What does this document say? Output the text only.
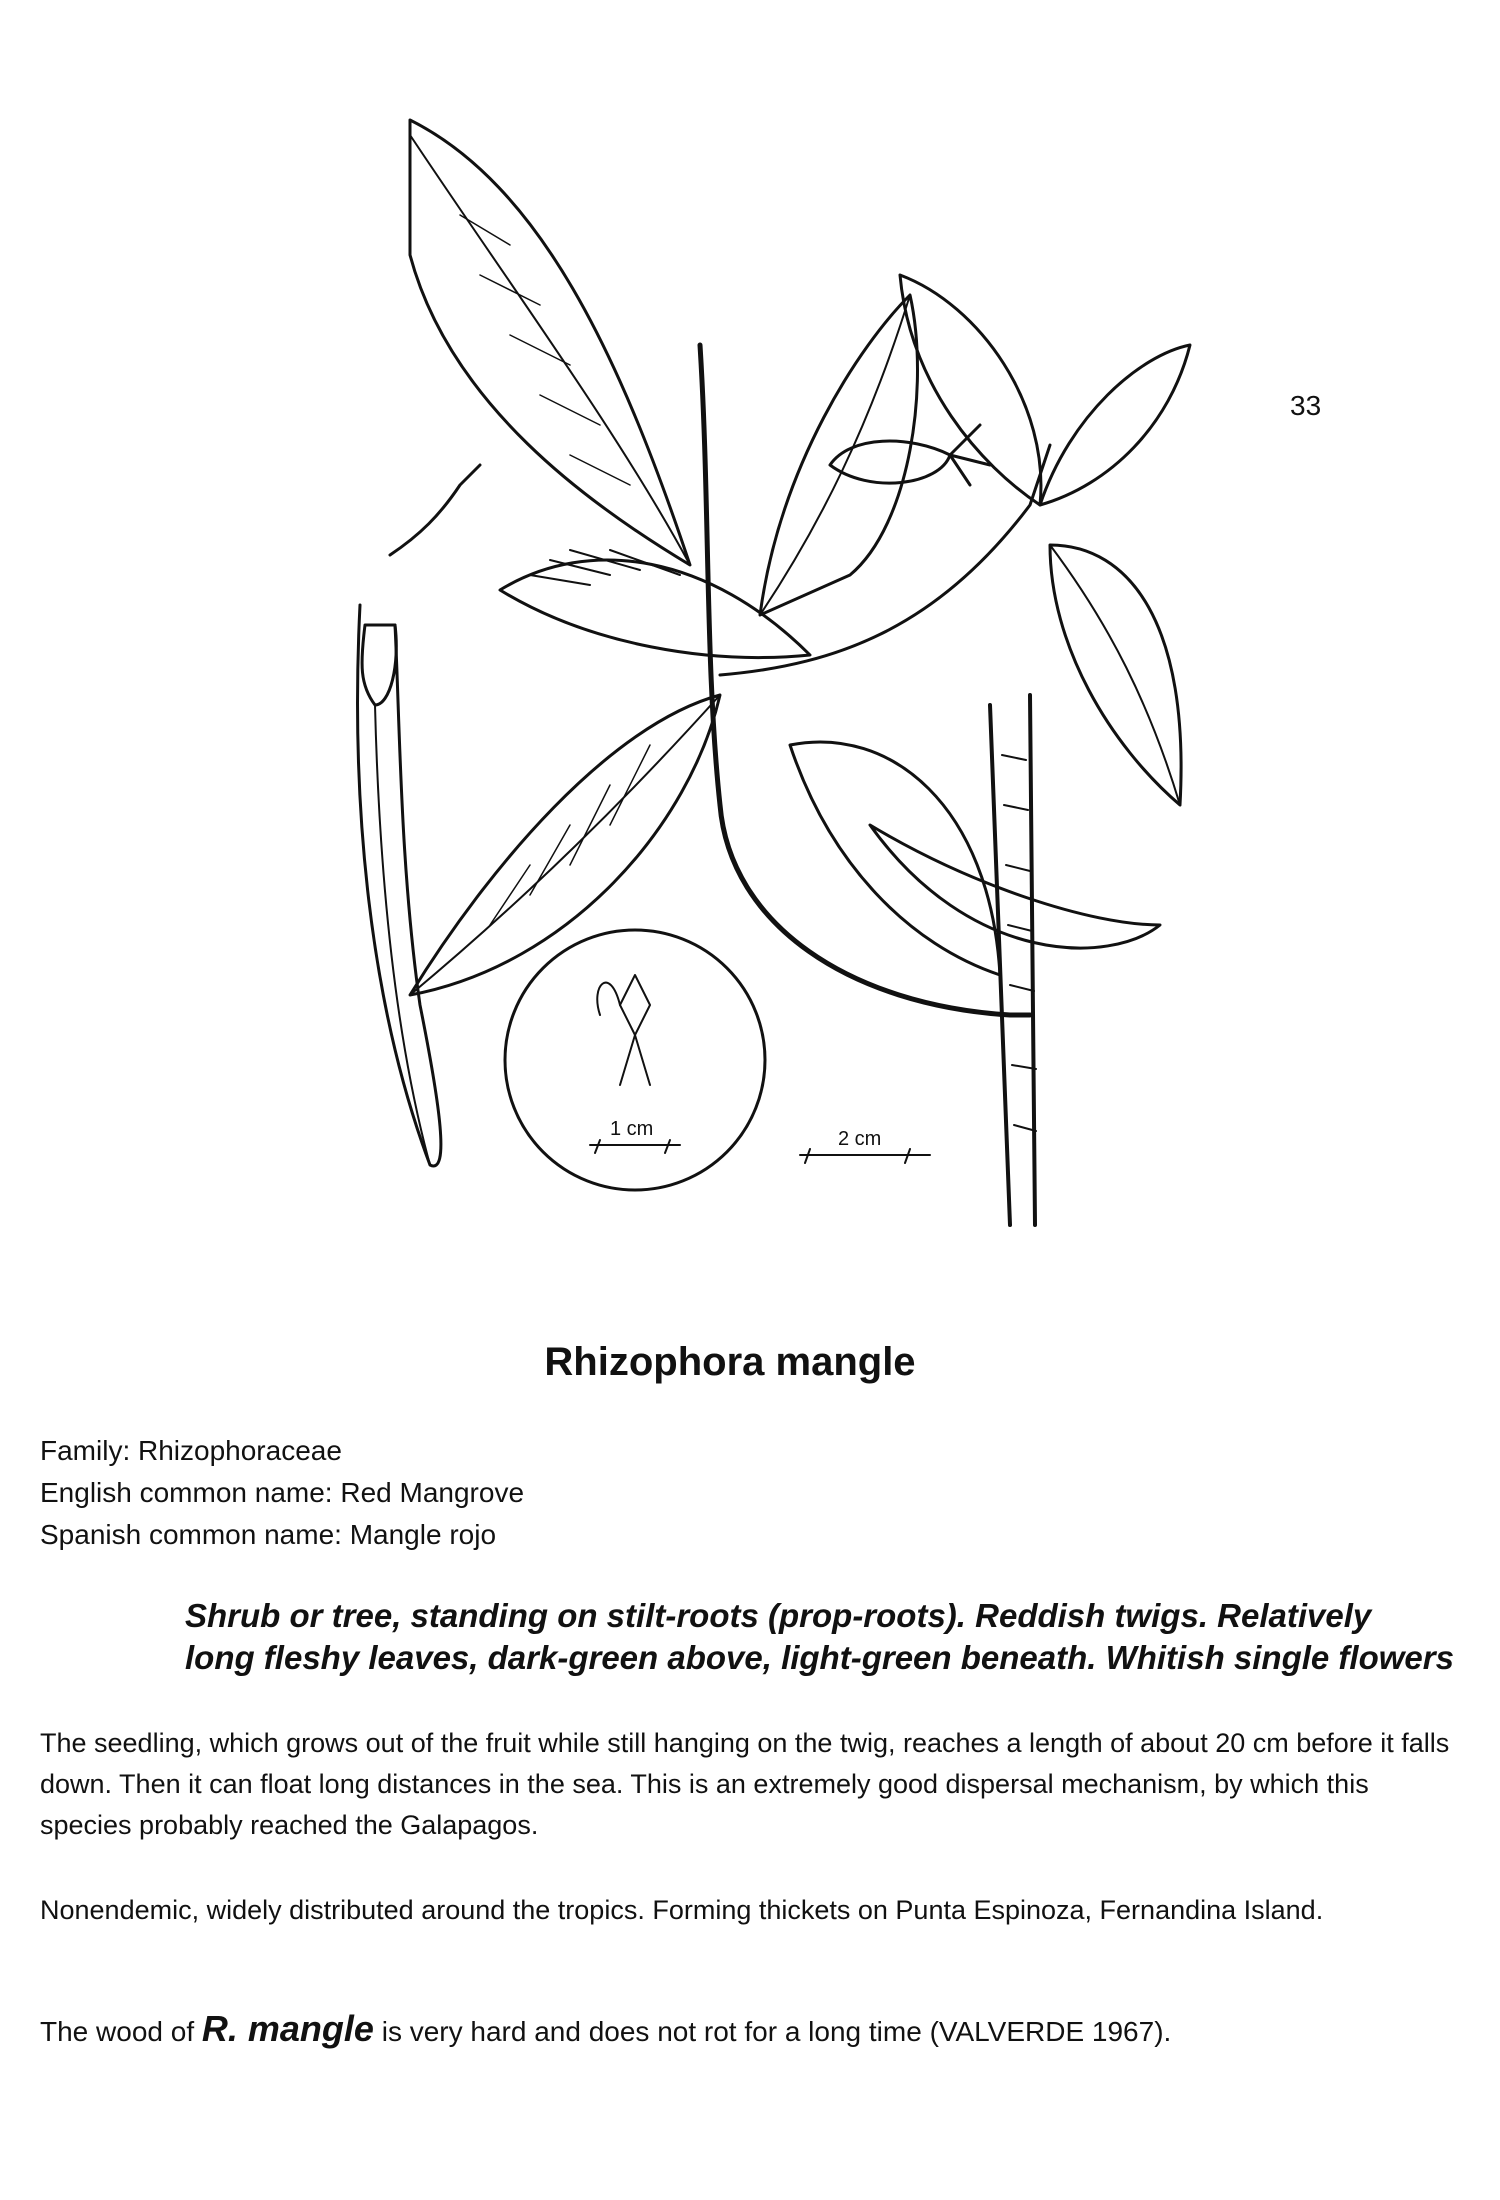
33
1 cm	2 cm
Rhizophora mangle
Family: Rhizophoraceae
English common name: Red Mangrove
Spanish common name: Mangle rojo
Shrub or tree, standing on stilt-roots (prop-roots). Reddish twigs. Relatively
long fleshy leaves, dark-green above, light-green beneath. Whitish single flowers
The seedling, which grows out of the fruit while still hanging on the twig, reaches a length of about 20 cm before it falls down. Then it can float long distances in the sea. This is an extremely good dispersal mechanism, by which this species probably reached the Galapagos.
Nonendemic, widely distributed around the tropics. Forming thickets on Punta Espinoza, Fernandina Island.
The wood of R. mangle is very hard and does not rot for a long time (VALVERDE 1967).
